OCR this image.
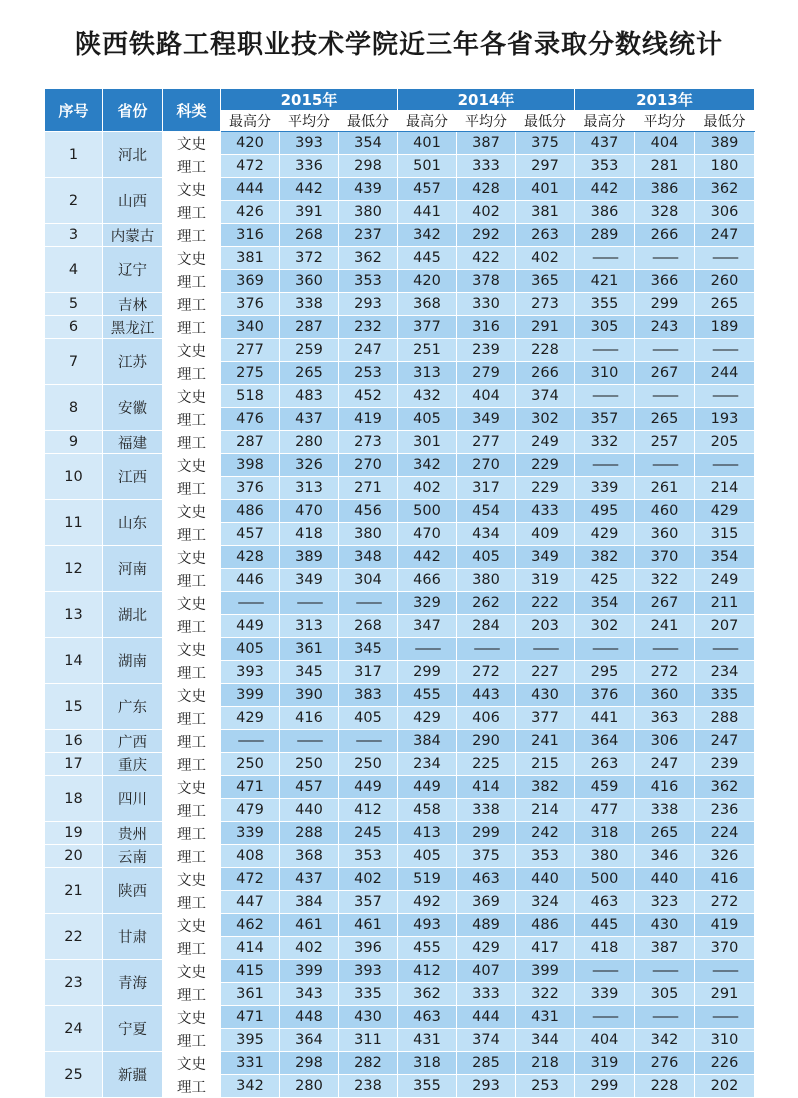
陕西铁路工程职业技术学院近三年各省录取分数线统计
序号	省份	科类	2015年			2014年			2013年		
			最高分	平均分	最低分	最高分	平均分	最低分	最高分	平均分	最低分
1	河北	文史	420	393	354	401	387	375	437	404	389
		理工	472	336	298	501	333	297	353	281	180
2	山西	文史	444	442	439	457	428	401	442	386	362
		理工	426	391	380	441	402	381	386	328	306
3	内蒙古	理工	316	268	237	342	292	263	289	266	247
4	辽宁	文史	381	372	362	445	422	402	——	——	——
		理工	369	360	353	420	378	365	421	366	260
5	吉林	理工	376	338	293	368	330	273	355	299	265
6	黑龙江	理工	340	287	232	377	316	291	305	243	189
7	江苏	文史	277	259	247	251	239	228	——	——	——
		理工	275	265	253	313	279	266	310	267	244
8	安徽	文史	518	483	452	432	404	374	——	——	——
		理工	476	437	419	405	349	302	357	265	193
9	福建	理工	287	280	273	301	277	249	332	257	205
10	江西	文史	398	326	270	342	270	229	——	——	——
		理工	376	313	271	402	317	229	339	261	214
11	山东	文史	486	470	456	500	454	433	495	460	429
		理工	457	418	380	470	434	409	429	360	315
12	河南	文史	428	389	348	442	405	349	382	370	354
		理工	446	349	304	466	380	319	425	322	249
13	湖北	文史	——	——	——	329	262	222	354	267	211
		理工	449	313	268	347	284	203	302	241	207
14	湖南	文史	405	361	345	——	——	——	——	——	——
		理工	393	345	317	299	272	227	295	272	234
15	广东	文史	399	390	383	455	443	430	376	360	335
		理工	429	416	405	429	406	377	441	363	288
16	广西	理工	——	——	——	384	290	241	364	306	247
17	重庆	理工	250	250	250	234	225	215	263	247	239
18	四川	文史	471	457	449	449	414	382	459	416	362
		理工	479	440	412	458	338	214	477	338	236
19	贵州	理工	339	288	245	413	299	242	318	265	224
20	云南	理工	408	368	353	405	375	353	380	346	326
21	陕西	文史	472	437	402	519	463	440	500	440	416
		理工	447	384	357	492	369	324	463	323	272
22	甘肃	文史	462	461	461	493	489	486	445	430	419
		理工	414	402	396	455	429	417	418	387	370
23	青海	文史	415	399	393	412	407	399	——	——	——
		理工	361	343	335	362	333	322	339	305	291
24	宁夏	文史	471	448	430	463	444	431	——	——	——
		理工	395	364	311	431	374	344	404	342	310
25	新疆	文史	331	298	282	318	285	218	319	276	226
		理工	342	280	238	355	293	253	299	228	202
